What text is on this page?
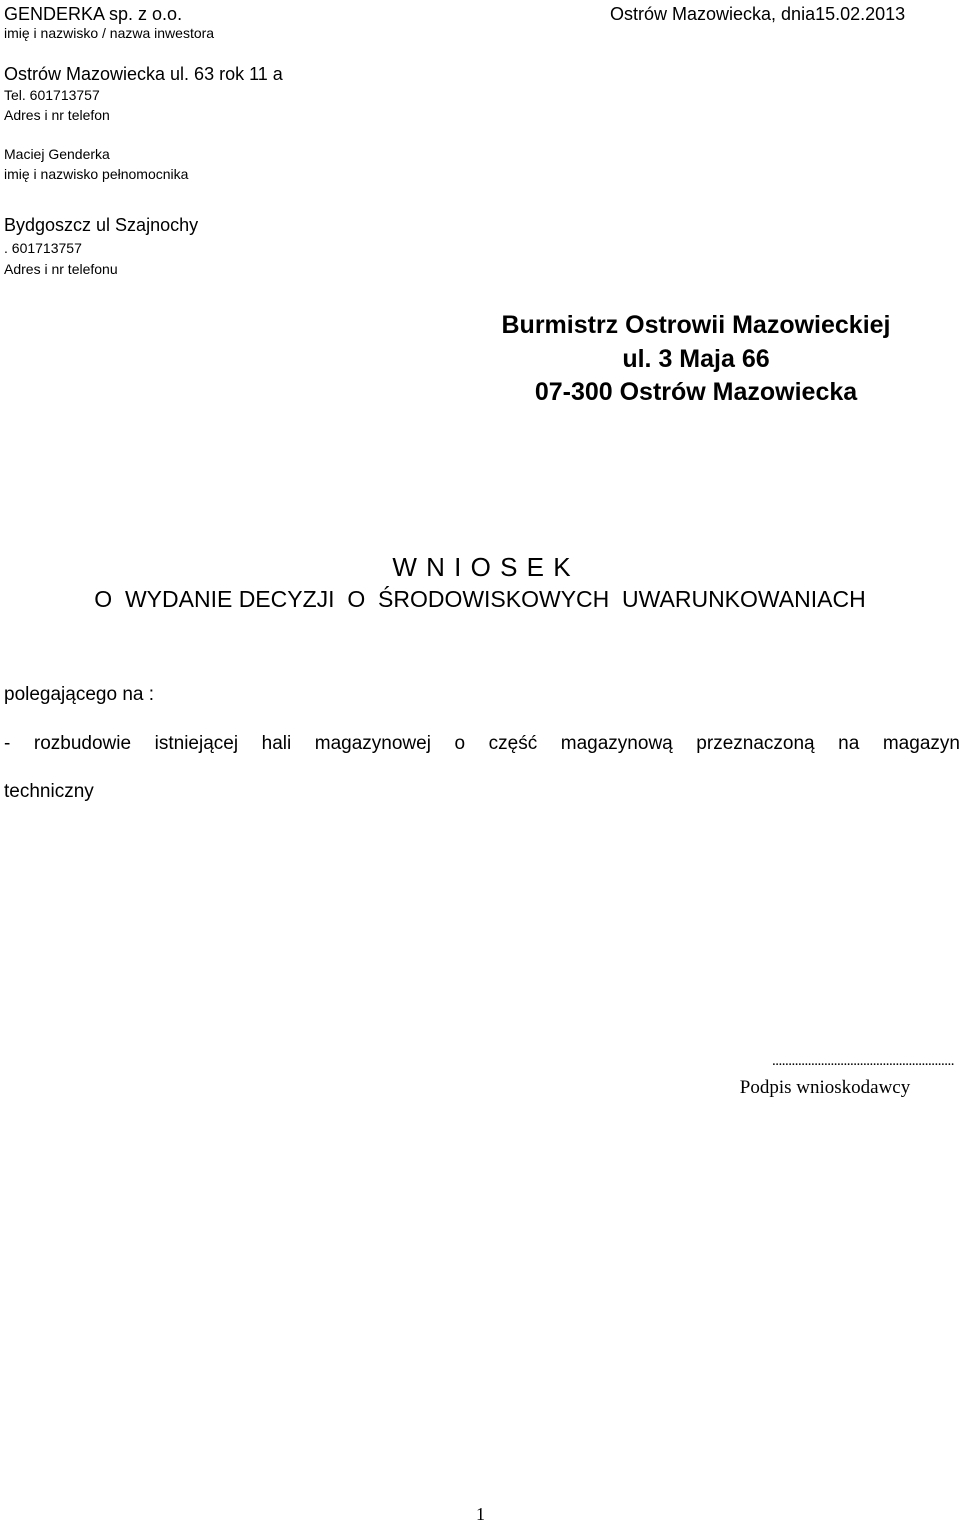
GENDERKA sp. z o.o.	Ostrów Mazowiecka, dnia15.02.2013
imię i nazwisko / nazwa inwestora
Ostrów Mazowiecka ul. 63 rok 11 a
Tel. 601713757
Adres i nr telefon
Maciej Genderka
imię i nazwisko pełnomocnika
Bydgoszcz ul Szajnochy
. 601713757
Adres i nr telefonu
Burmistrz Ostrowii Mazowieckiej
ul. 3 Maja 66
07-300 Ostrów Mazowiecka
W N I O S E K
O  WYDANIE DECYZJI  O  ŚRODOWISKOWYCH  UWARUNKOWANIACH
polegającego na :
- rozbudowie istniejącej hali magazynowej o część magazynową przeznaczoną na magazyn
techniczny
........................................................
Podpis wnioskodawcy
1
